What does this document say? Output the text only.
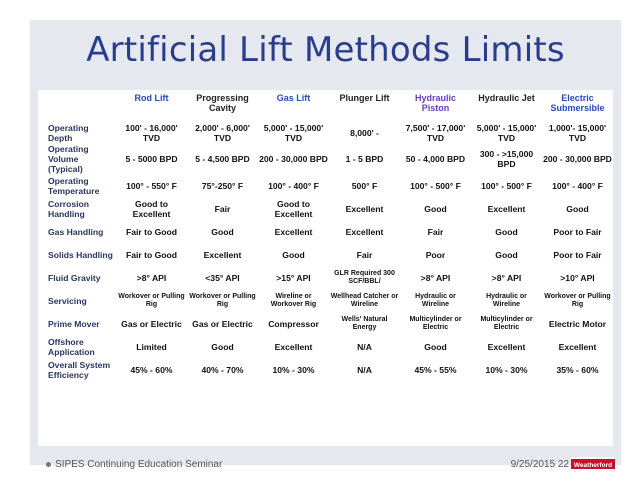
Artificial Lift Methods Limits
	Rod Lift	Progressing Cavity	Gas Lift	Plunger Lift	Hydraulic Piston	Hydraulic Jet	Electric Submersible
Operating Depth	100' - 16,000' TVD	2,000' - 6,000' TVD	5,000' - 15,000' TVD	8,000' -	7,500' - 17,000' TVD	5,000' - 15,000' TVD	1,000'- 15,000' TVD
Operating Volume (Typical)	5 - 5000 BPD	5 - 4,500 BPD	200 - 30,000 BPD	1 - 5 BPD	50 - 4,000 BPD	300 - >15,000 BPD	200 - 30,000 BPD
Operating Temperature	100° - 550° F	75°-250° F	100° - 400° F	500° F	100° - 500° F	100° - 500° F	100° - 400° F
Corrosion Handling	Good to Excellent	Fair	Good to Excellent	Excellent	Good	Excellent	Good
Gas Handling	Fair to Good	Good	Excellent	Excellent	Fair	Good	Poor to Fair
Solids Handling	Fair to Good	Excellent	Good	Fair	Poor	Good	Poor to Fair
Fluid Gravity	>8° API	<35° API	>15° API	GLR Required 300 SCF/BBL/	>8° API	>8° API	>10° API
Servicing	Workover or Pulling Rig	Workover or Pulling Rig	Wireline or Workover Rig	Wellhead Catcher or Wireline	Hydraulic or Wireline	Hydraulic or Wireline	Workover or Pulling Rig
Prime Mover	Gas or Electric	Gas or Electric	Compressor	Wells' Natural Energy	Multicylinder or Electric	Multicylinder or Electric	Electric Motor
Offshore Application	Limited	Good	Excellent	N/A	Good	Excellent	Excellent
Overall System Efficiency	45% - 60%	40% - 70%	10% - 30%	N/A	45% - 55%	10% - 30%	35% - 60%
SIPES Continuing Education Seminar	9/25/2015 22 Weatherford
